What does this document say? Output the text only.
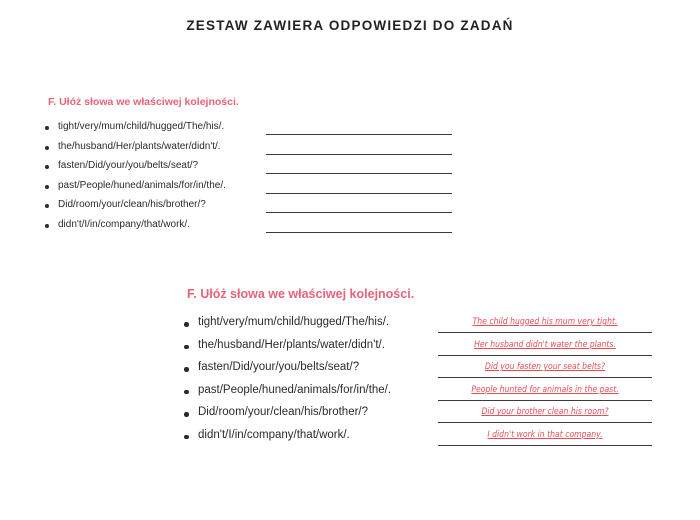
ZESTAW ZAWIERA ODPOWIEDZI DO ZADAŃ
F. Ułóż słowa we właściwej kolejności.
tight/very/mum/child/hugged/The/his/.
the/husband/Her/plants/water/didn't/.
fasten/Did/your/you/belts/seat/?
past/People/huned/animals/for/in/the/.
Did/room/your/clean/his/brother/?
didn't/I/in/company/that/work/.
F. Ułóż słowa we właściwej kolejności.
tight/very/mum/child/hugged/The/his/.	The child hugged his mum very tight.
the/husband/Her/plants/water/didn't/.	Her husband didn't water the plants.
fasten/Did/your/you/belts/seat/?	Did you fasten your seat belts?
past/People/huned/animals/for/in/the/.	People hunted for animals in the past.
Did/room/your/clean/his/brother/?	Did your brother clean his room?
didn't/I/in/company/that/work/.	I didn't work in that company.
